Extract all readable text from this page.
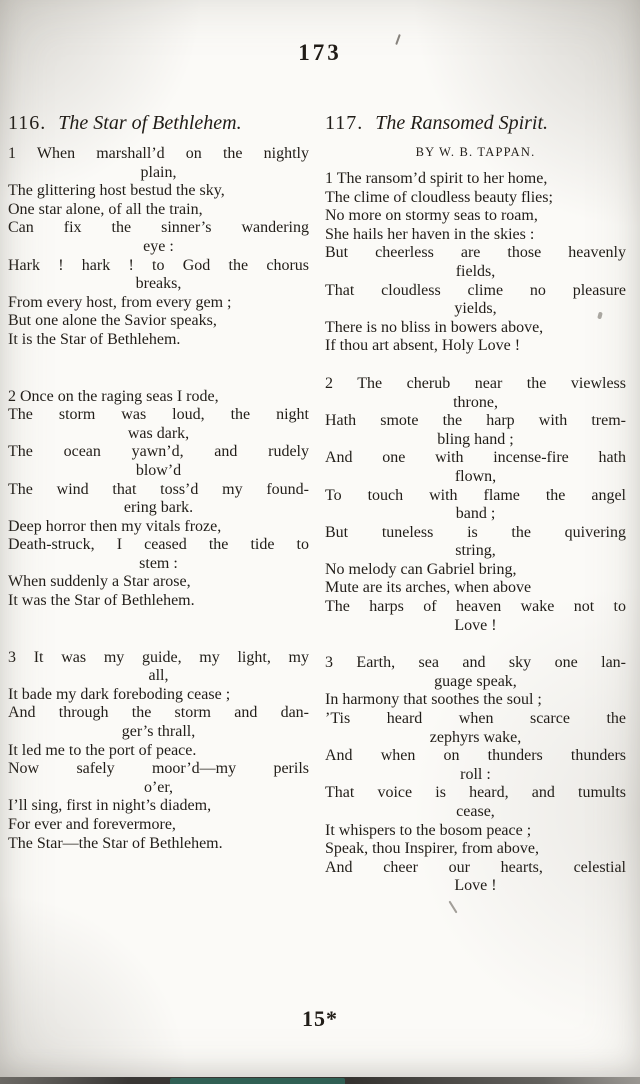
173
116. The Star of Bethlehem.
1 When marshall’d on the nightly
plain,
The glittering host bestud the sky,
One star alone, of all the train,
Can fix the sinner’s wandering
eye :
Hark ! hark ! to God the chorus
breaks,
From every host, from every gem ;
But one alone the Savior speaks,
It is the Star of Bethlehem.
2 Once on the raging seas I rode,
The storm was loud, the night
was dark,
The ocean yawn’d, and rudely
blow’d
The wind that toss’d my found-
ering bark.
Deep horror then my vitals froze,
Death-struck, I ceased the tide to
stem :
When suddenly a Star arose,
It was the Star of Bethlehem.
3 It was my guide, my light, my
all,
It bade my dark foreboding cease ;
And through the storm and dan-
ger’s thrall,
It led me to the port of peace.
Now safely moor’d—my perils
o’er,
I’ll sing, first in night’s diadem,
For ever and forevermore,
The Star—the Star of Bethlehem.
117. The Ransomed Spirit.
BY W. B. TAPPAN.
1 The ransom’d spirit to her home,
The clime of cloudless beauty flies;
No more on stormy seas to roam,
She hails her haven in the skies :
But cheerless are those heavenly
fields,
That cloudless clime no pleasure
yields,
There is no bliss in bowers above,
If thou art absent, Holy Love !
2 The cherub near the viewless
throne,
Hath smote the harp with trem-
bling hand ;
And one with incense-fire hath
flown,
To touch with flame the angel
band ;
But tuneless is the quivering
string,
No melody can Gabriel bring,
Mute are its arches, when above
The harps of heaven wake not to
Love !
3 Earth, sea and sky one lan-
guage speak,
In harmony that soothes the soul ;
’Tis heard when scarce the
zephyrs wake,
And when on thunders thunders
roll :
That voice is heard, and tumults
cease,
It whispers to the bosom peace ;
Speak, thou Inspirer, from above,
And cheer our hearts, celestial
Love !
15*
